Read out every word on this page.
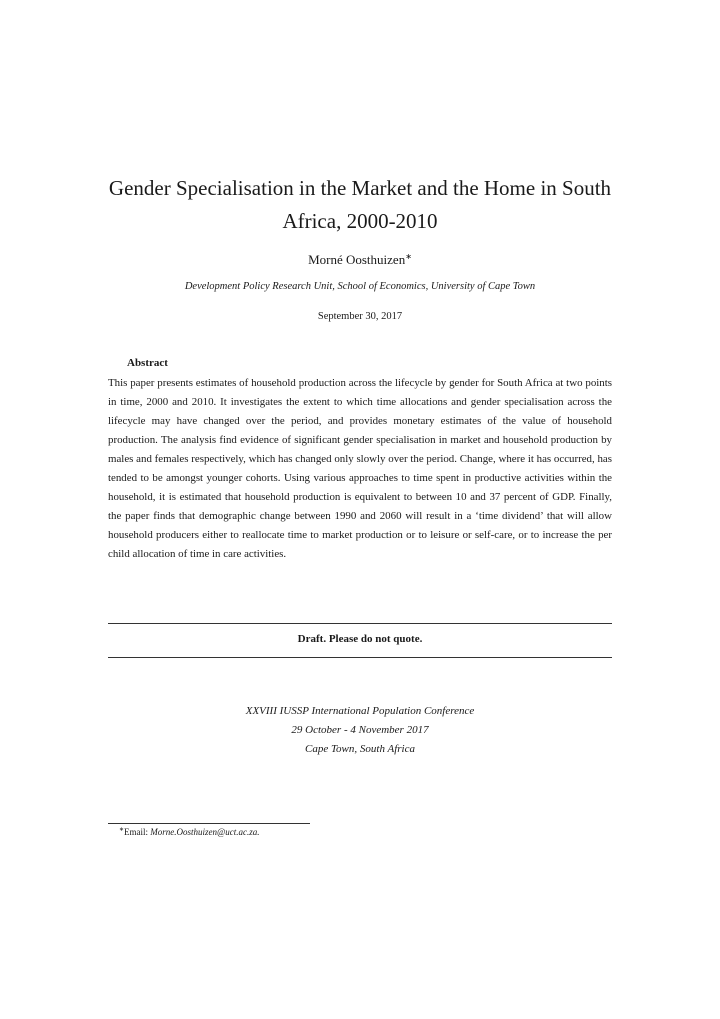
Gender Specialisation in the Market and the Home in South Africa, 2000-2010
Morné Oosthuizen∗
Development Policy Research Unit, School of Economics, University of Cape Town
September 30, 2017
Abstract
This paper presents estimates of household production across the lifecycle by gender for South Africa at two points in time, 2000 and 2010. It investigates the extent to which time allocations and gender specialisation across the lifecycle may have changed over the period, and provides monetary estimates of the value of household production. The analysis find evidence of significant gender specialisation in market and household production by males and females respectively, which has changed only slowly over the period. Change, where it has occurred, has tended to be amongst younger cohorts. Using various approaches to time spent in productive activities within the household, it is estimated that household production is equivalent to between 10 and 37 percent of GDP. Finally, the paper finds that demographic change between 1990 and 2060 will result in a ‘time dividend’ that will allow household producers either to reallocate time to market production or to leisure or self-care, or to increase the per child allocation of time in care activities.
Draft. Please do not quote.
XXVIII IUSSP International Population Conference
29 October - 4 November 2017
Cape Town, South Africa
∗Email: Morne.Oosthuizen@uct.ac.za.
